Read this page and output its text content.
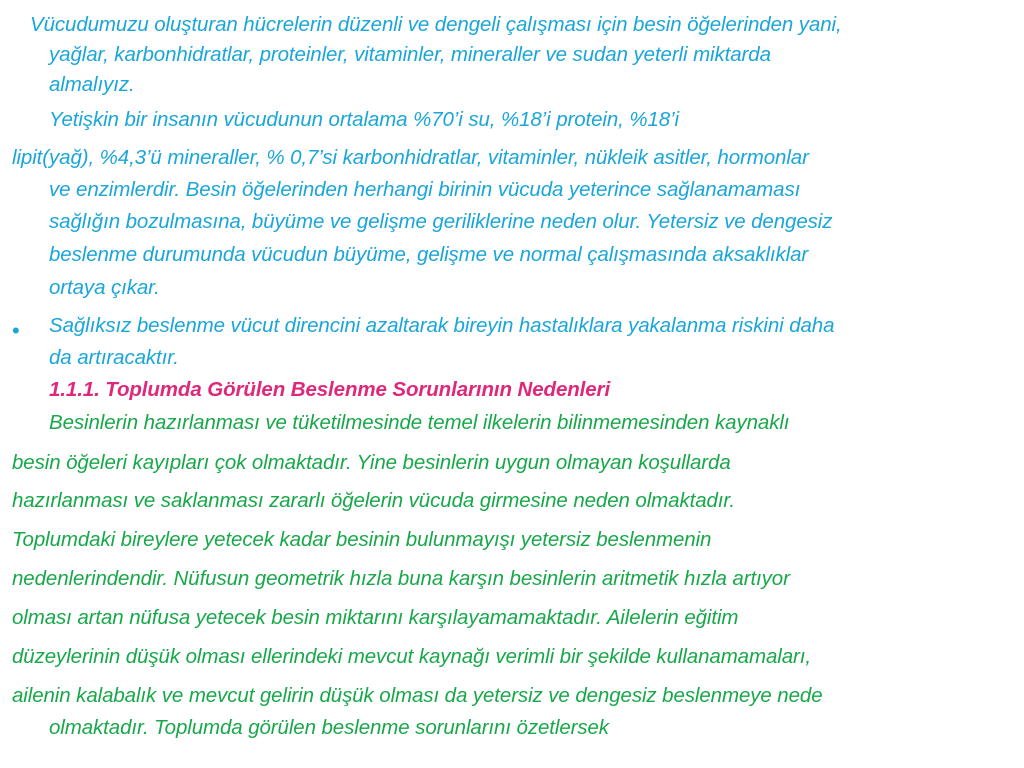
Vücudumuzu oluşturan hücrelerin düzenli ve dengeli çalışması için besin öğelerinden yani,
yağlar, karbonhidratlar, proteinler, vitaminler, mineraller ve sudan yeterli miktarda
almalıyız.
Yetişkin bir insanın vücudunun ortalama %70’i su, %18’i protein, %18’i
lipit(yağ), %4,3’ü mineraller, % 0,7’si karbonhidratlar, vitaminler, nükleik asitler, hormonlar
ve enzimlerdir. Besin öğelerinden herhangi birinin vücuda yeterince sağlanamaması
sağlığın bozulmasına, büyüme ve gelişme geriliklerine neden olur. Yetersiz ve dengesiz
beslenme durumunda vücudun büyüme, gelişme ve normal çalışmasında aksaklıklar
ortaya çıkar.
• Sağlıksız beslenme vücut direncini azaltarak bireyin hastalıklara yakalanma riskini daha
da artıracaktır.
1.1.1. Toplumda Görülen Beslenme Sorunlarının Nedenleri
Besinlerin hazırlanması ve tüketilmesinde temel ilkelerin bilinmemesinden kaynaklı
besin öğeleri kayıpları çok olmaktadır. Yine besinlerin uygun olmayan koşullarda
hazırlanması ve saklanması zararlı öğelerin vücuda girmesine neden olmaktadır.
Toplumdaki bireylere yetecek kadar besinin bulunmayışı yetersiz beslenmenin
nedenlerindendir. Nüfusun geometrik hızla buna karşın besinlerin aritmetik hızla artıyor
olması artan nüfusa yetecek besin miktarını karşılayamamaktadır. Ailelerin eğitim
düzeylerinin düşük olması ellerindeki mevcut kaynağı verimli bir şekilde kullanamamaları,
ailenin kalabalık ve mevcut gelirin düşük olması da yetersiz ve dengesiz beslenmeye nede
olmaktadır. Toplumda görülen beslenme sorunlarını özetlersek
